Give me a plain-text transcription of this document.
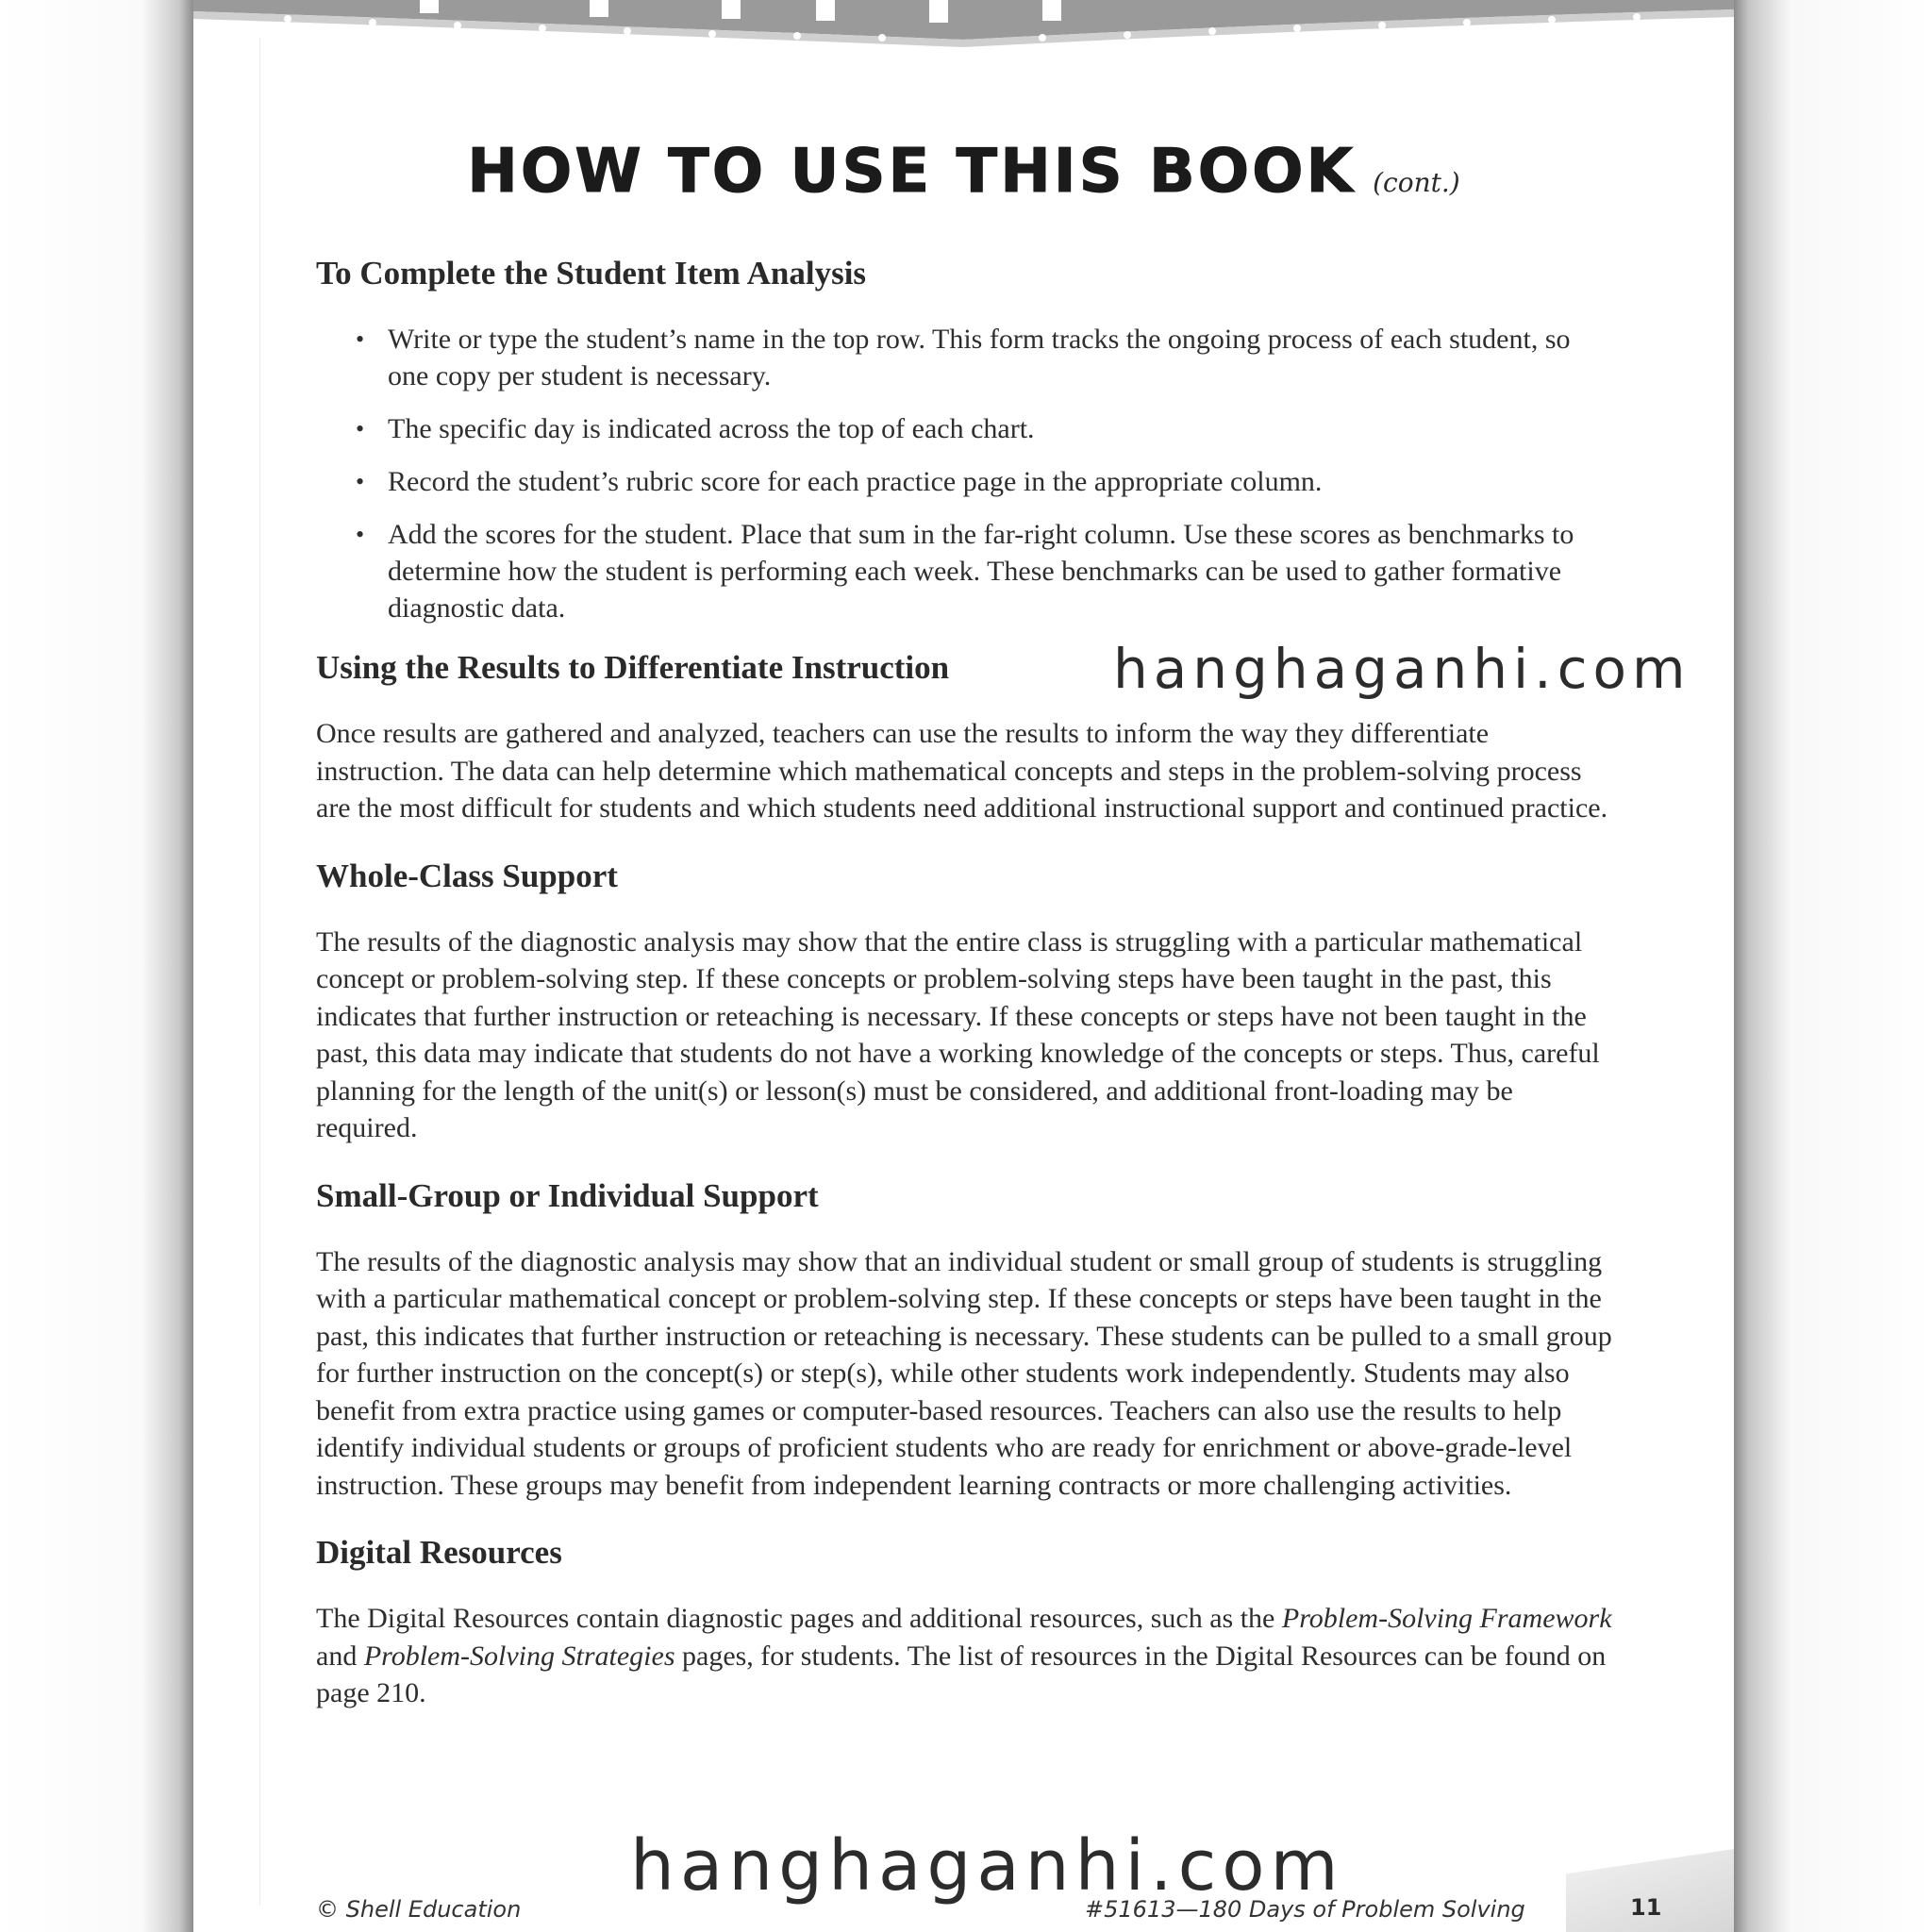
HOW TO USE THIS BOOK (cont.)
To Complete the Student Item Analysis
• Write or type the student’s name in the top row. This form tracks the ongoing process of each student, so one copy per student is necessary.
• The specific day is indicated across the top of each chart.
• Record the student’s rubric score for each practice page in the appropriate column.
• Add the scores for the student. Place that sum in the far-right column. Use these scores as benchmarks to determine how the student is performing each week. These benchmarks can be used to gather formative diagnostic data.
Using the Results to Differentiate Instruction

Once results are gathered and analyzed, teachers can use the results to inform the way they differentiate instruction. The data can help determine which mathematical concepts and steps in the problem-solving process are the most difficult for students and which students need additional instructional support and continued practice.

Whole-Class Support

The results of the diagnostic analysis may show that the entire class is struggling with a particular mathematical concept or problem-solving step. If these concepts or problem-solving steps have been taught in the past, this indicates that further instruction or reteaching is necessary. If these concepts or steps have not been taught in the past, this data may indicate that students do not have a working knowledge of the concepts or steps. Thus, careful planning for the length of the unit(s) or lesson(s) must be considered, and additional front-loading may be required.

Small-Group or Individual Support

The results of the diagnostic analysis may show that an individual student or small group of students is struggling with a particular mathematical concept or problem-solving step. If these concepts or steps have been taught in the past, this indicates that further instruction or reteaching is necessary. These students can be pulled to a small group for further instruction on the concept(s) or step(s), while other students work independently. Students may also benefit from extra practice using games or computer-based resources. Teachers can also use the results to help identify individual students or groups of proficient students who are ready for enrichment or above-grade-level instruction. These groups may benefit from independent learning contracts or more challenging activities.

Digital Resources

The Digital Resources contain diagnostic pages and additional resources, such as the Problem-Solving Framework and Problem-Solving Strategies pages, for students. The list of resources in the Digital Resources can be found on page 210.

hanghaganhi.com
hanghaganhi.com
© Shell Education	#51613—180 Days of Problem Solving	11
